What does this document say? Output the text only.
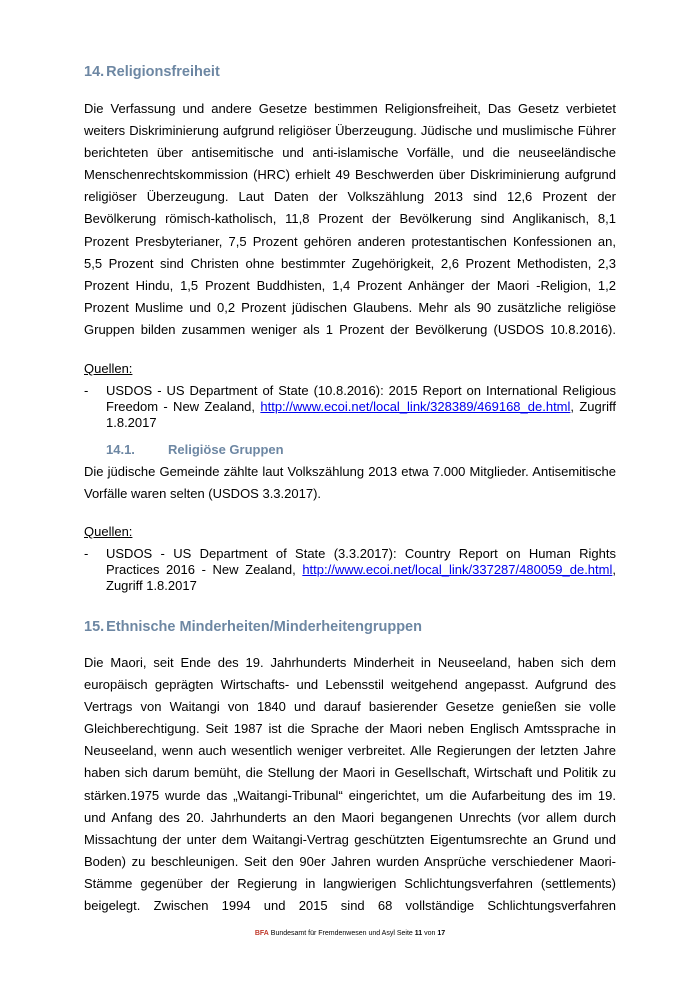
14. Religionsfreiheit

Die Verfassung und andere Gesetze bestimmen Religionsfreiheit, Das Gesetz verbietet weiters Diskriminierung aufgrund religiöser Überzeugung. Jüdische und muslimische Führer berichteten über antisemitische und anti-islamische Vorfälle, und die neuseeländische Menschenrechtskommission (HRC) erhielt 49 Beschwerden über Diskriminierung aufgrund religiöser Überzeugung. Laut Daten der Volkszählung 2013 sind 12,6 Prozent der Bevölkerung römisch-katholisch, 11,8 Prozent der Bevölkerung sind Anglikanisch, 8,1 Prozent Presbyterianer, 7,5 Prozent gehören anderen protestantischen Konfessionen an, 5,5 Prozent sind Christen ohne bestimmter Zugehörigkeit, 2,6 Prozent Methodisten, 2,3 Prozent Hindu, 1,5 Prozent Buddhisten, 1,4 Prozent Anhänger der Maori -Religion, 1,2 Prozent Muslime und 0,2 Prozent jüdischen Glaubens. Mehr als 90 zusätzliche religiöse Gruppen bilden zusammen weniger als 1 Prozent der Bevölkerung (USDOS 10.8.2016).

Quellen:

- USDOS - US Department of State (10.8.2016): 2015 Report on International Religious Freedom - New Zealand, http://www.ecoi.net/local_link/328389/469168_de.html, Zugriff 1.8.2017
14.1.	Religiöse Gruppen

Die jüdische Gemeinde zählte laut Volkszählung 2013 etwa 7.000 Mitglieder. Antisemitische Vorfälle waren selten (USDOS 3.3.2017).

Quellen:

- USDOS - US Department of State (3.3.2017): Country Report on Human Rights Practices 2016 - New Zealand, http://www.ecoi.net/local_link/337287/480059_de.html, Zugriff 1.8.2017
15. Ethnische Minderheiten/Minderheitengruppen

Die Maori, seit Ende des 19. Jahrhunderts Minderheit in Neuseeland, haben sich dem europäisch geprägten Wirtschafts- und Lebensstil weitgehend angepasst. Aufgrund des Vertrags von Waitangi von 1840 und darauf basierender Gesetze genießen sie volle Gleichberechtigung. Seit 1987 ist die Sprache der Maori neben Englisch Amtssprache in Neuseeland, wenn auch wesentlich weniger verbreitet. Alle Regierungen der letzten Jahre haben sich darum bemüht, die Stellung der Maori in Gesellschaft, Wirtschaft und Politik zu stärken.1975 wurde das „Waitangi-Tribunal“ eingerichtet, um die Aufarbeitung des im 19. und Anfang des 20. Jahrhunderts an den Maori begangenen Unrechts (vor allem durch Missachtung der unter dem Waitangi-Vertrag geschützten Eigentumsrechte an Grund und Boden) zu beschleunigen. Seit den 90er Jahren wurden Ansprüche verschiedener Maori-Stämme gegenüber der Regierung in langwierigen Schlichtungsverfahren (settlements) beigelegt. Zwischen 1994 und 2015 sind 68 vollständige Schlichtungsverfahren

BFA Bundesamt für Fremdenwesen und Asyl Seite 11 von 17
